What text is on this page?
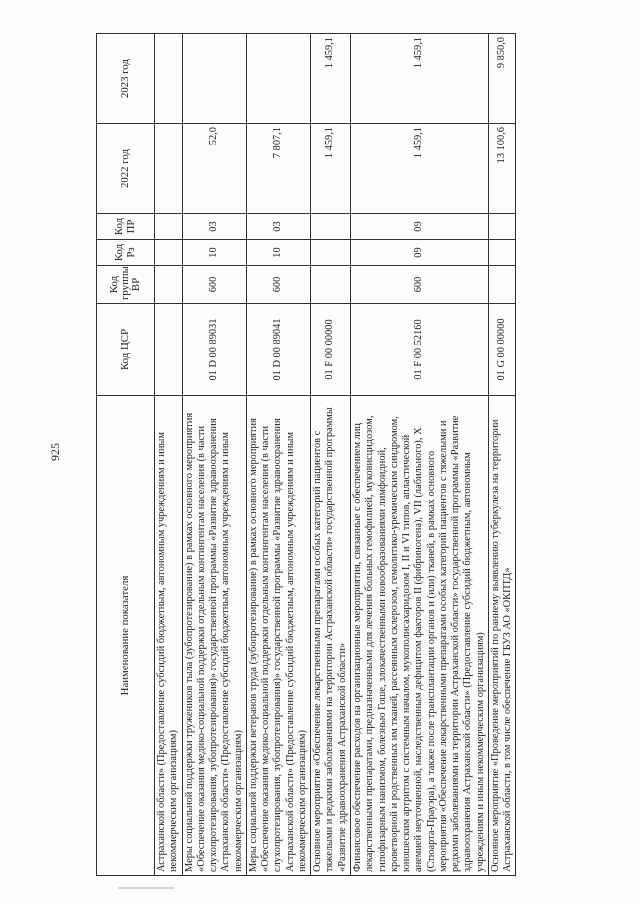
925
Наименование показателя	Код ЦСР	Код группы ВР	Код Рз	Код ПР	2022 год	2023 год
Астраханской области» (Предоставление субсидий бюджетным, автономным учреждениям и иным некоммерческим организациям)						
Меры социальной поддержки тружеников тыла (зубопротезирование) в рамках основного мероприятия «Обеспечение оказания медико-социальной поддержки отдельным контингентам населения (в части слухопротезирования, зубопротезирования)» государственной программы «Развитие здравоохранения Астраханской области» (Предоставление субсидий бюджетным, автономным учреждениям и иным некоммерческим организациям)	01 D 00 89031	600	10	03	52,0	
Меры социальной поддержки ветеранов труда (зубопротезирование) в рамках основного мероприятия «Обеспечение оказания медико-социальной поддержки отдельным контингентам населения (в части слухопротезирования, зубопротезирования)» государственной программы «Развитие здравоохранения Астраханской области» (Предоставление субсидий бюджетным, автономным учреждениям и иным некоммерческим организациям)	01 D 00 89041	600	10	03	7 807,1	
Основное мероприятие «Обеспечение лекарственными препаратами особых категорий пациентов с тяжелыми и редкими заболеваниями на территории Астраханской области» государственной программы «Развитие здравоохранения Астраханской области»	01 F 00 00000				1 459,1	1 459,1
Финансовое обеспечение расходов на организационные мероприятия, связанные с обеспечением лиц лекарственными препаратами, предназначенными для лечения больных гемофилией, муковисцидозом, гипофизарным нанизмом, болезнью Гоше, злокачественными новообразованиями лимфоидной, кроветворной и родственных им тканей, рассеянным склерозом, гемолитико-уремическим синдромом, юношеским артритом с системным началом, мукополисахаридозом I, II и VI типов, апластической анемией неуточненной, наследственным дефицитом факторов II (фибриногена), VII (лабильного), X (Стюарта-Прауэра), а также после трансплантации органов и (или) тканей, в рамках основного мероприятия «Обеспечение лекарственными препаратами особых категорий пациентов с тяжелыми и редкими заболеваниями на территории Астраханской области» государственной программы «Развитие здравоохранения Астраханской области» (Предоставление субсидий бюджетным, автономным учреждениям и иным некоммерческим организациям)	01 F 00 52160	600	09	09	1 459,1	1 459,1
Основное мероприятие «Проведение мероприятий по раннему выявлению туберкулеза на территории Астраханской области, в том числе обеспечение ГБУЗ АО «ОКПТД»	01 G 00 00000				13 100,6	9 850,0
